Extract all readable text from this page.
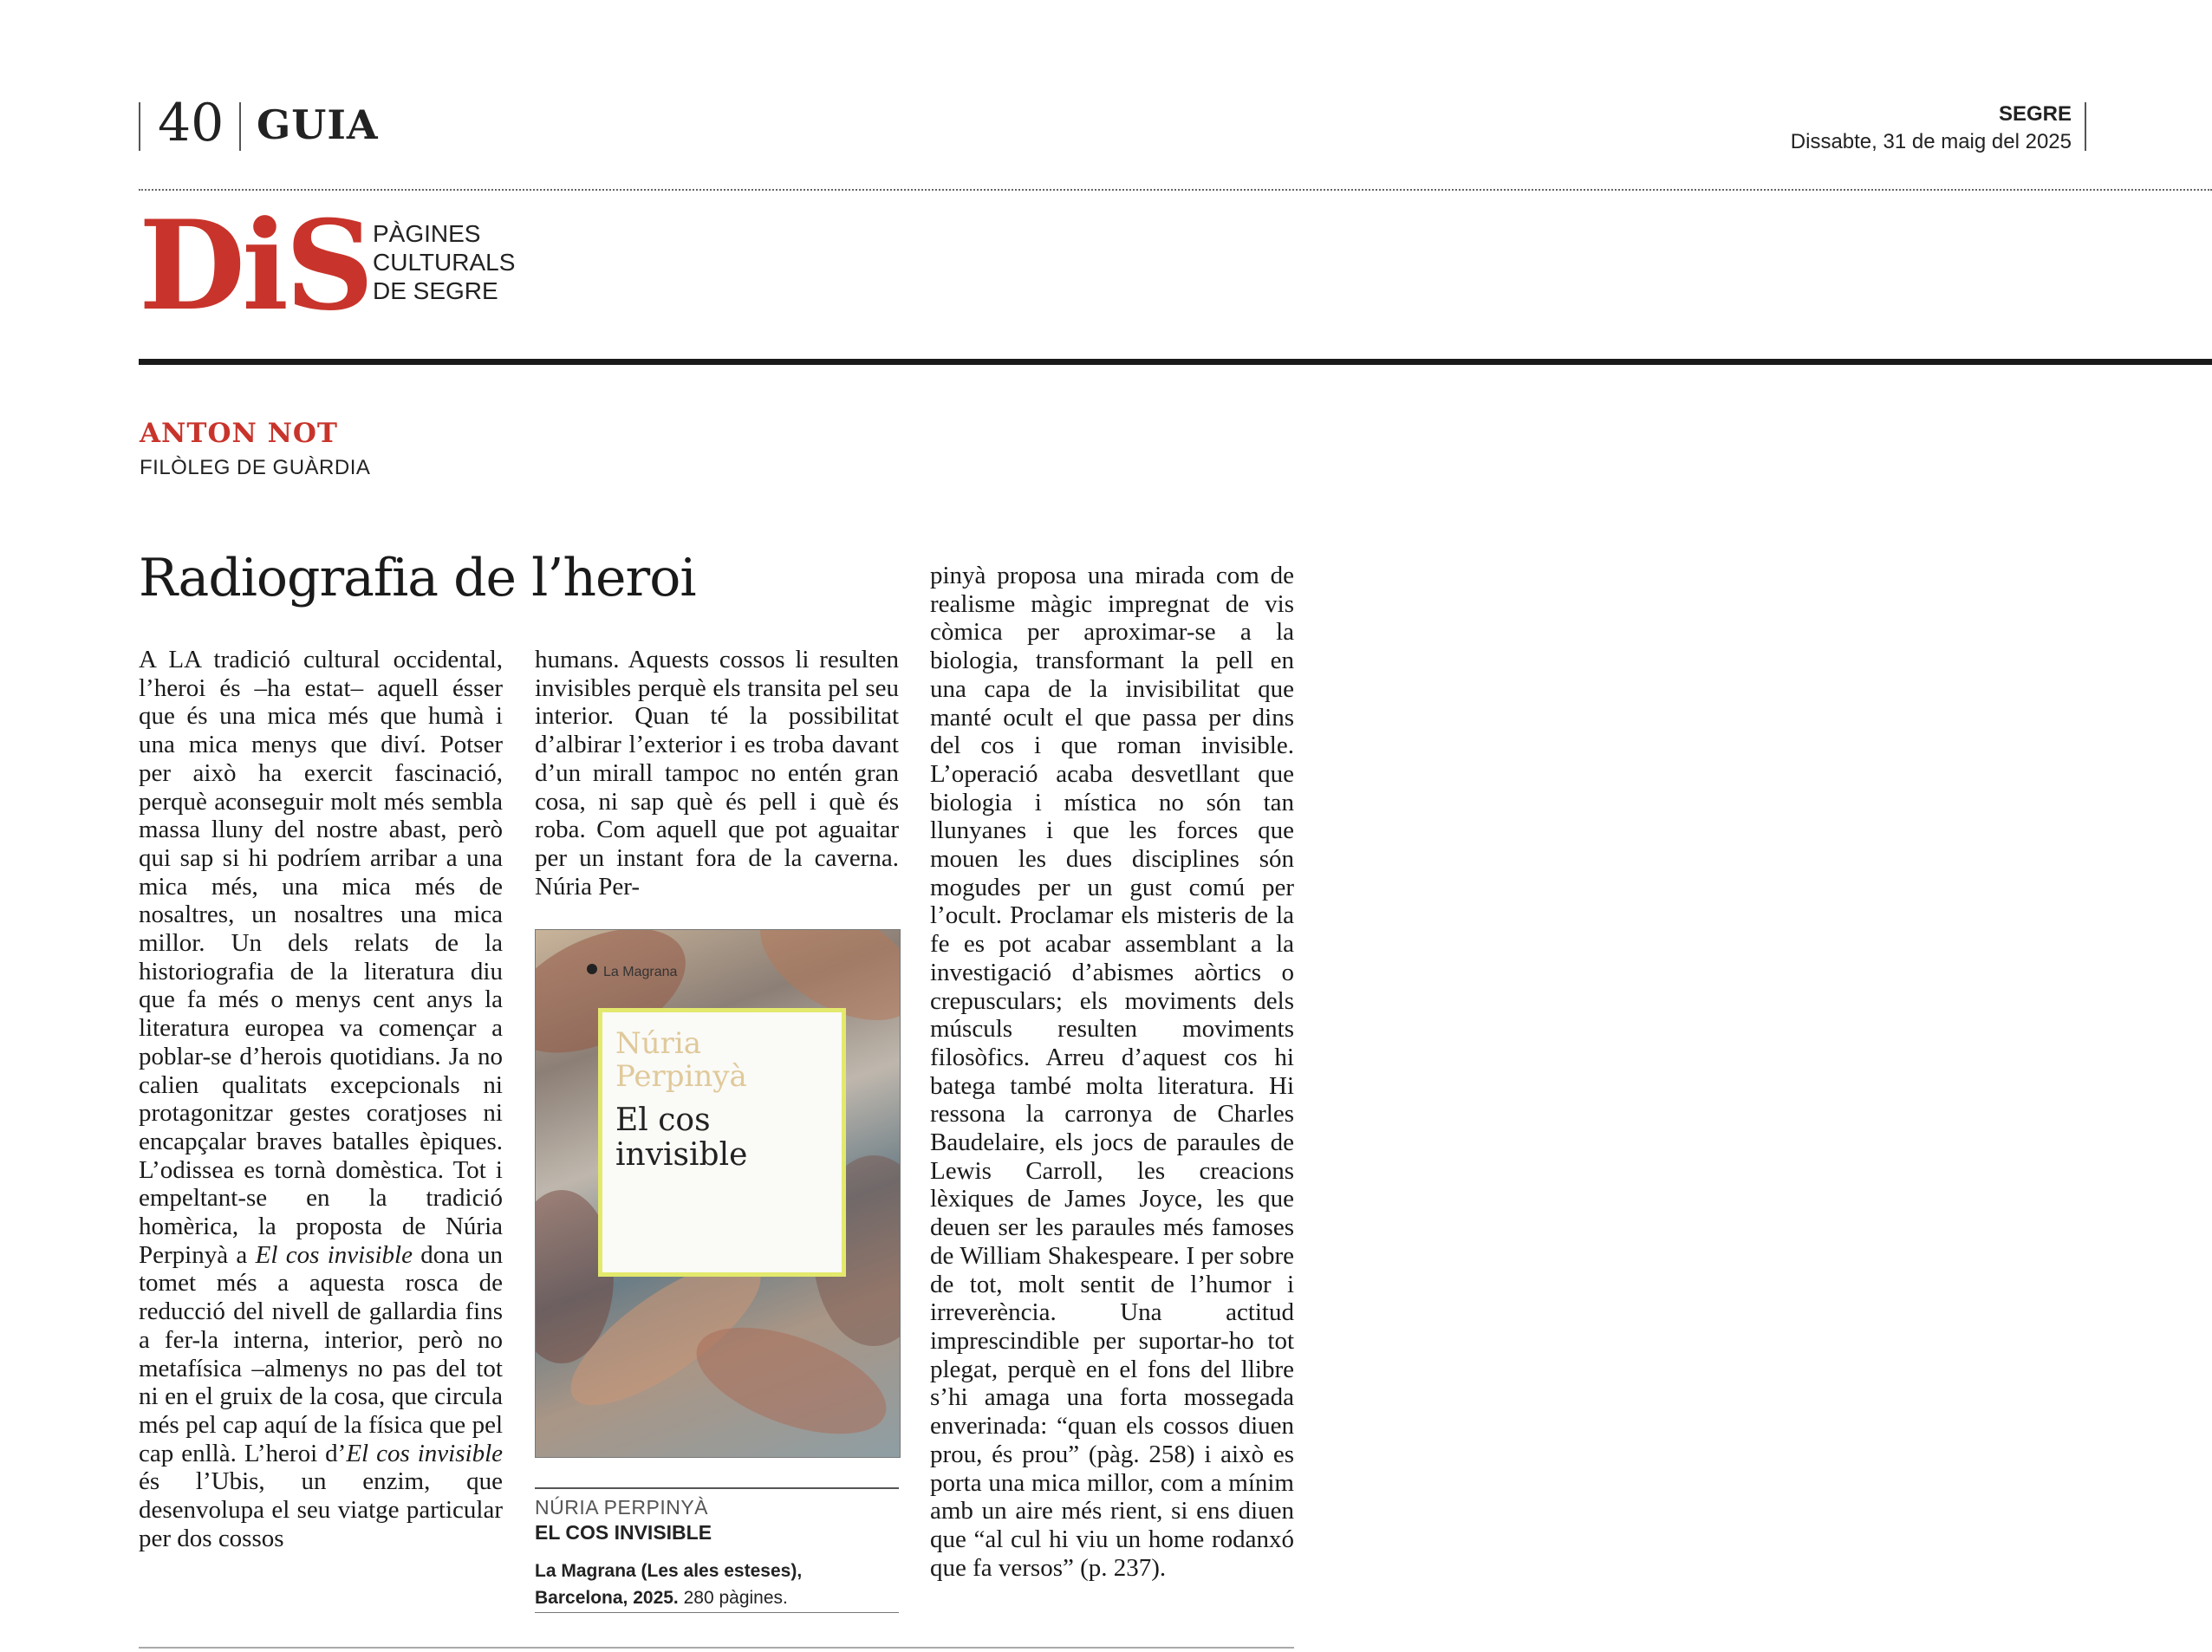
40 GUIA	SEGRE
Dissabte, 31 de maig del 2025
DiS PÀGINES
CULTURALS
DE SEGRE
ANTON NOT
FILÒLEG DE GUÀRDIA
Radiografia de l’heroi

A LA tradició cultural occidental, l’heroi és –ha estat– aquell ésser que és una mica més que humà i una mica menys que diví. Potser per això ha exercit fascinació, perquè aconseguir molt més sembla massa lluny del nostre abast, però qui sap si hi podríem arribar a una mica més, una mica més de nosaltres, un nosaltres una mica millor. Un dels relats de la historiografia de la literatura diu que fa més o menys cent anys la literatura europea va començar a poblar-se d’herois quotidians. Ja no calien qualitats excepcionals ni protagonitzar gestes coratjoses ni encapçalar braves batalles èpiques. L’odissea es tornà domèstica. Tot i empeltant-se en la tradició homèrica, la proposta de Núria Perpinyà a El cos invisible dona un tomet més a aquesta rosca de reducció del nivell de gallardia fins a fer-la interna, interior, però no metafísica –almenys no pas del tot ni en el gruix de la cosa, que circula més pel cap aquí de la física que pel cap enllà. L’heroi d’El cos invisible és l’Ubis, un enzim, que desenvolupa el seu viatge particular per dos cossos

humans. Aquests cossos li resulten invisibles perquè els transita pel seu interior. Quan té la possibilitat d’albirar l’exterior i es troba davant d’un mirall tampoc no entén gran cosa, ni sap què és pell i què és roba. Com aquell que pot aguaitar per un instant fora de la caverna. Núria Per-

pinyà proposa una mirada com de realisme màgic impregnat de vis còmica per aproximar-se a la biologia, transformant la pell en una capa de la invisibilitat que manté ocult el que passa per dins del cos i que roman invisible. L’operació acaba desvetllant que biologia i mística no són tan llunyanes i que les forces que mouen les dues disciplines són mogudes per un gust comú per l’ocult. Proclamar els misteris de la fe es pot acabar assemblant a la investigació d’abismes aòrtics o crepusculars; els moviments dels músculs resulten moviments filosòfics. Arreu d’aquest cos hi batega també molta literatura. Hi ressona la carronya de Charles Baudelaire, els jocs de paraules de Lewis Carroll, les creacions lèxiques de James Joyce, les que deuen ser les paraules més famoses de William Shakespeare. I per sobre de tot, molt sentit de l’humor i irreverència. Una actitud imprescindible per suportar-ho tot plegat, perquè en el fons del llibre s’hi amaga una forta mossegada enverinada: “quan els cossos diuen prou, és prou” (pàg. 258) i això es porta una mica millor, com a mínim amb un aire més rient, si ens diuen que “al cul hi viu un home rodanxó que fa versos” (p. 237).

La Magrana
Núria
Perpinyà
El cos
invisible
NÚRIA PERPINYÀ
EL COS INVISIBLE
La Magrana (Les ales esteses), Barcelona, 2025. 280 pàgines.
